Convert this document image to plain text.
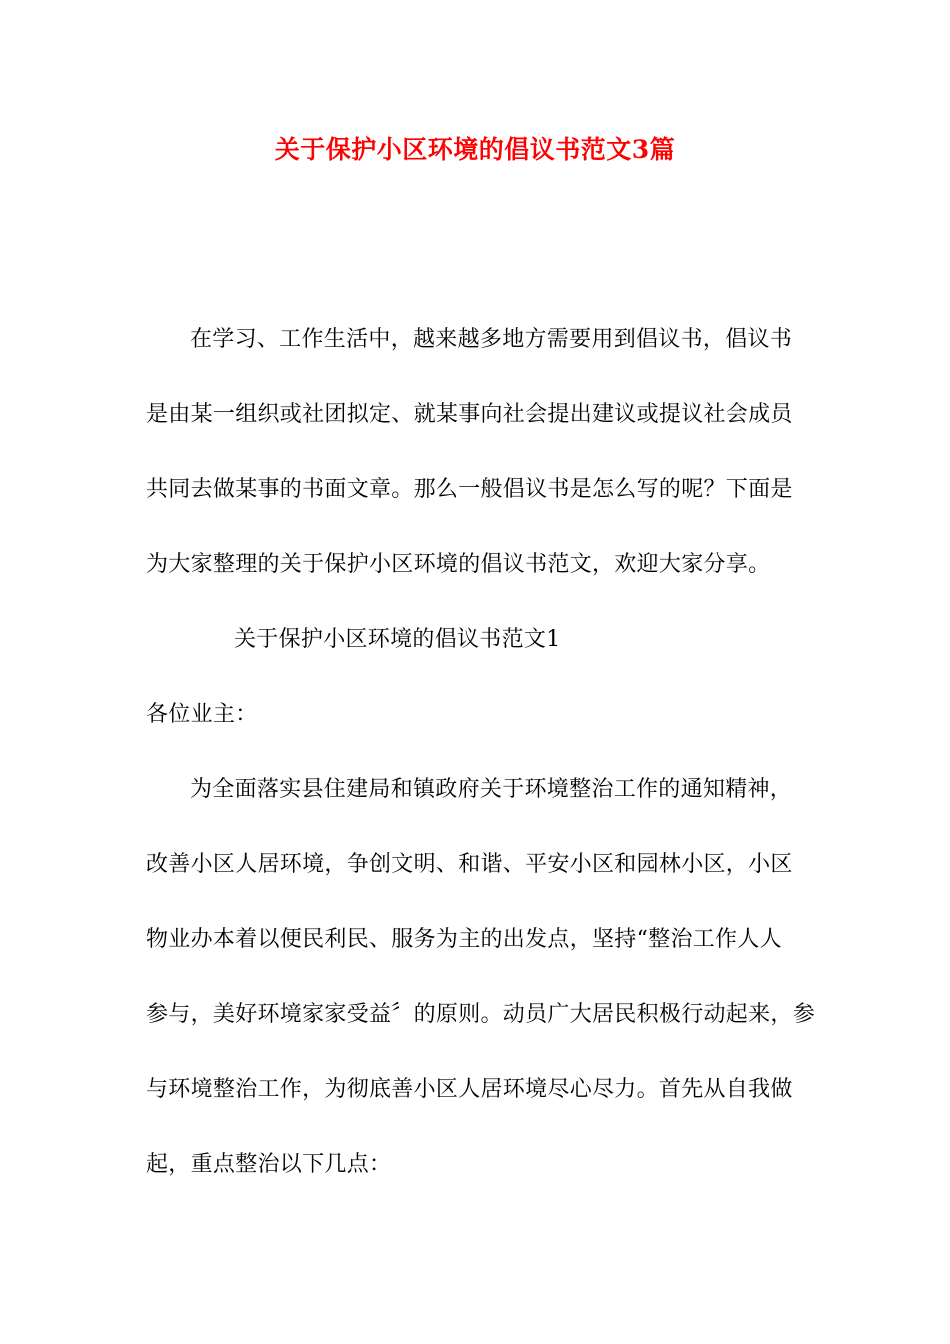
关于保护小区环境的倡议书范文3篇

在学习、工作生活中，越来越多地方需要用到倡议书，倡议书

是由某一组织或社团拟定、就某事向社会提出建议或提议社会成员

共同去做某事的书面文章。那么一般倡议书是怎么写的呢？下面是

为大家整理的关于保护小区环境的倡议书范文，欢迎大家分享。

关于保护小区环境的倡议书范文1

各位业主：

为全面落实县住建局和镇政府关于环境整治工作的通知精神，

改善小区人居环境，争创文明、和谐、平安小区和园林小区，小区

物业办本着以便民利民、服务为主的出发点，坚持“整治工作人人

参与，美好环境家家受益〞的原则。动员广大居民积极行动起来，参

与环境整治工作，为彻底善小区人居环境尽心尽力。首先从自我做

起，重点整治以下几点：
